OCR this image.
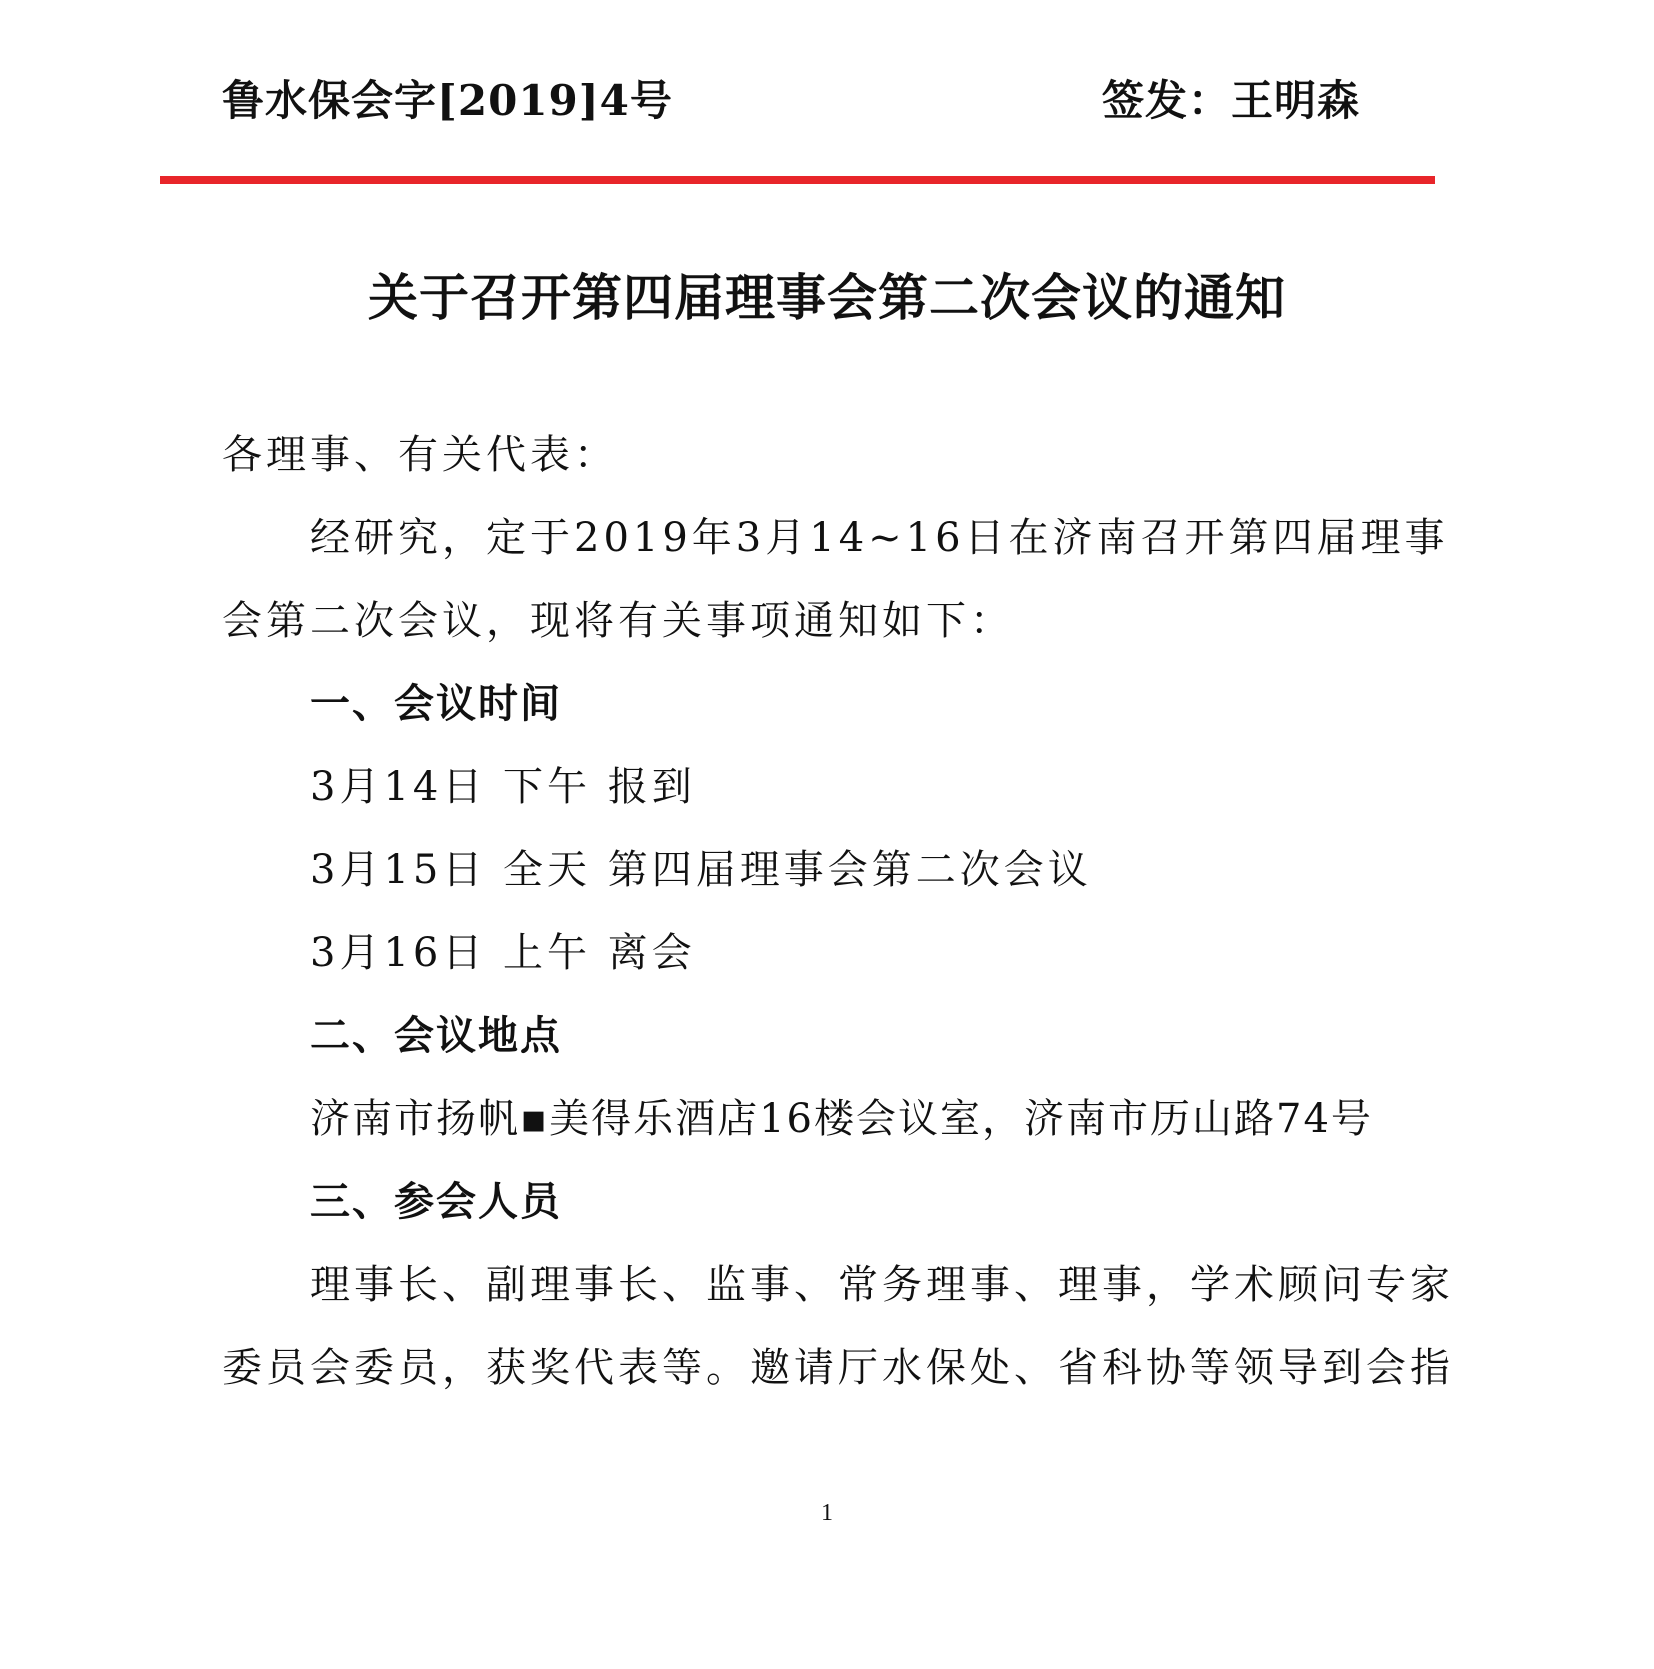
鲁水保会字[2019]4号	签发：王明森
关于召开第四届理事会第二次会议的通知
各理事、有关代表：
经研究，定于2019年3月14~16日在济南召开第四届理事
会第二次会议，现将有关事项通知如下：
一、会议时间
3月14日 下午 报到
3月15日 全天 第四届理事会第二次会议
3月16日 上午 离会
二、会议地点
济南市扬帆▪美得乐酒店16楼会议室，济南市历山路74号
三、参会人员
理事长、副理事长、监事、常务理事、理事，学术顾问专家
委员会委员，获奖代表等。邀请厅水保处、省科协等领导到会指
1
